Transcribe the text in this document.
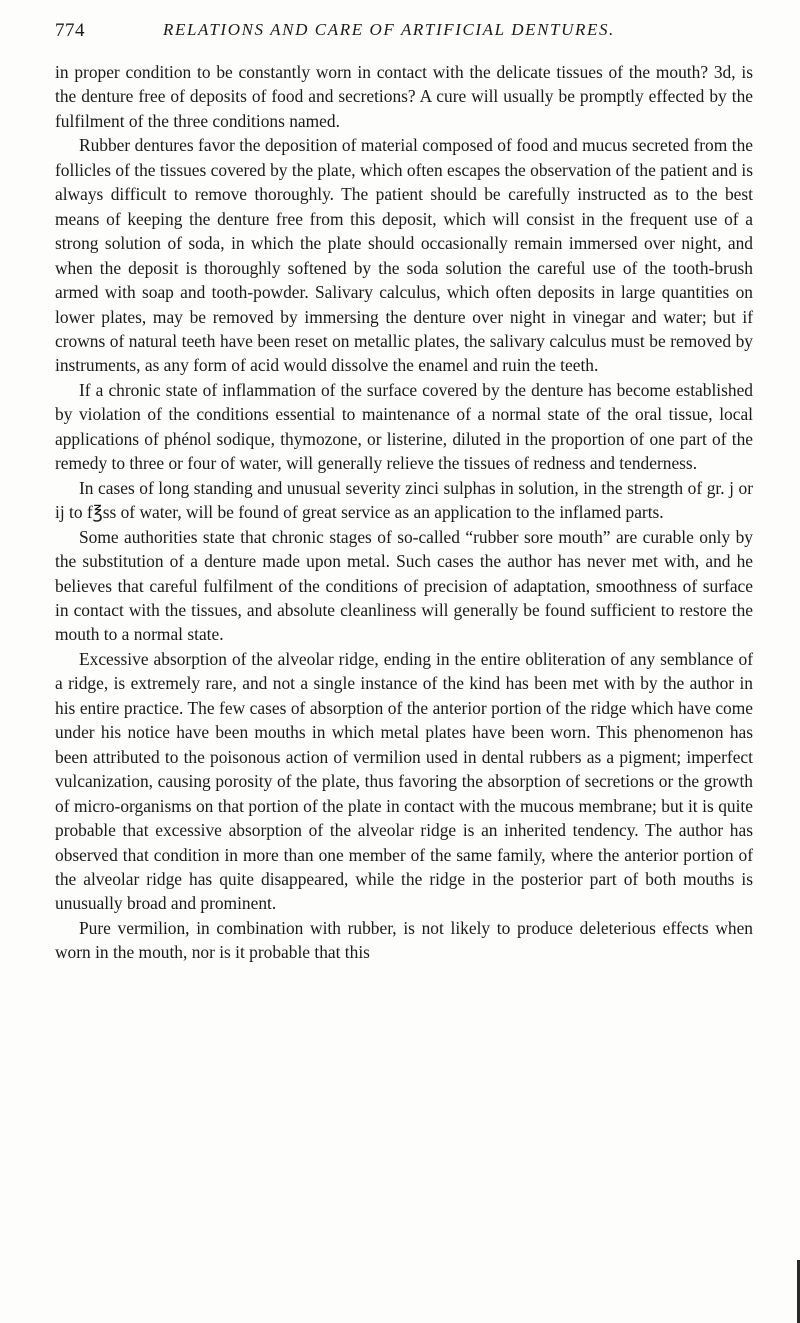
774	RELATIONS AND CARE OF ARTIFICIAL DENTURES.

in proper condition to be constantly worn in contact with the delicate tissues of the mouth? 3d, is the denture free of deposits of food and secretions? A cure will usually be promptly effected by the fulfilment of the three conditions named.

Rubber dentures favor the deposition of material composed of food and mucus secreted from the follicles of the tissues covered by the plate, which often escapes the observation of the patient and is always difficult to remove thoroughly. The patient should be carefully instructed as to the best means of keeping the denture free from this deposit, which will consist in the frequent use of a strong solution of soda, in which the plate should occasionally remain immersed over night, and when the deposit is thoroughly softened by the soda solution the careful use of the tooth-brush armed with soap and tooth-powder. Salivary calculus, which often deposits in large quantities on lower plates, may be removed by immersing the denture over night in vinegar and water; but if crowns of natural teeth have been reset on metallic plates, the salivary calculus must be removed by instruments, as any form of acid would dissolve the enamel and ruin the teeth.

If a chronic state of inflammation of the surface covered by the denture has become established by violation of the conditions essential to maintenance of a normal state of the oral tissue, local applications of phénol sodique, thymozone, or listerine, diluted in the proportion of one part of the remedy to three or four of water, will generally relieve the tissues of redness and tenderness.

In cases of long standing and unusual severity zinci sulphas in solution, in the strength of gr. j or ij to f℥ss of water, will be found of great service as an application to the inflamed parts.

Some authorities state that chronic stages of so-called “rubber sore mouth” are curable only by the substitution of a denture made upon metal. Such cases the author has never met with, and he believes that careful fulfilment of the conditions of precision of adaptation, smoothness of surface in contact with the tissues, and absolute cleanliness will generally be found sufficient to restore the mouth to a normal state.

Excessive absorption of the alveolar ridge, ending in the entire obliteration of any semblance of a ridge, is extremely rare, and not a single instance of the kind has been met with by the author in his entire practice. The few cases of absorption of the anterior portion of the ridge which have come under his notice have been mouths in which metal plates have been worn. This phenomenon has been attributed to the poisonous action of vermilion used in dental rubbers as a pigment; imperfect vulcanization, causing porosity of the plate, thus favoring the absorption of secretions or the growth of micro-organisms on that portion of the plate in contact with the mucous membrane; but it is quite probable that excessive absorption of the alveolar ridge is an inherited tendency. The author has observed that condition in more than one member of the same family, where the anterior portion of the alveolar ridge has quite disappeared, while the ridge in the posterior part of both mouths is unusually broad and prominent.

Pure vermilion, in combination with rubber, is not likely to produce deleterious effects when worn in the mouth, nor is it probable that this
